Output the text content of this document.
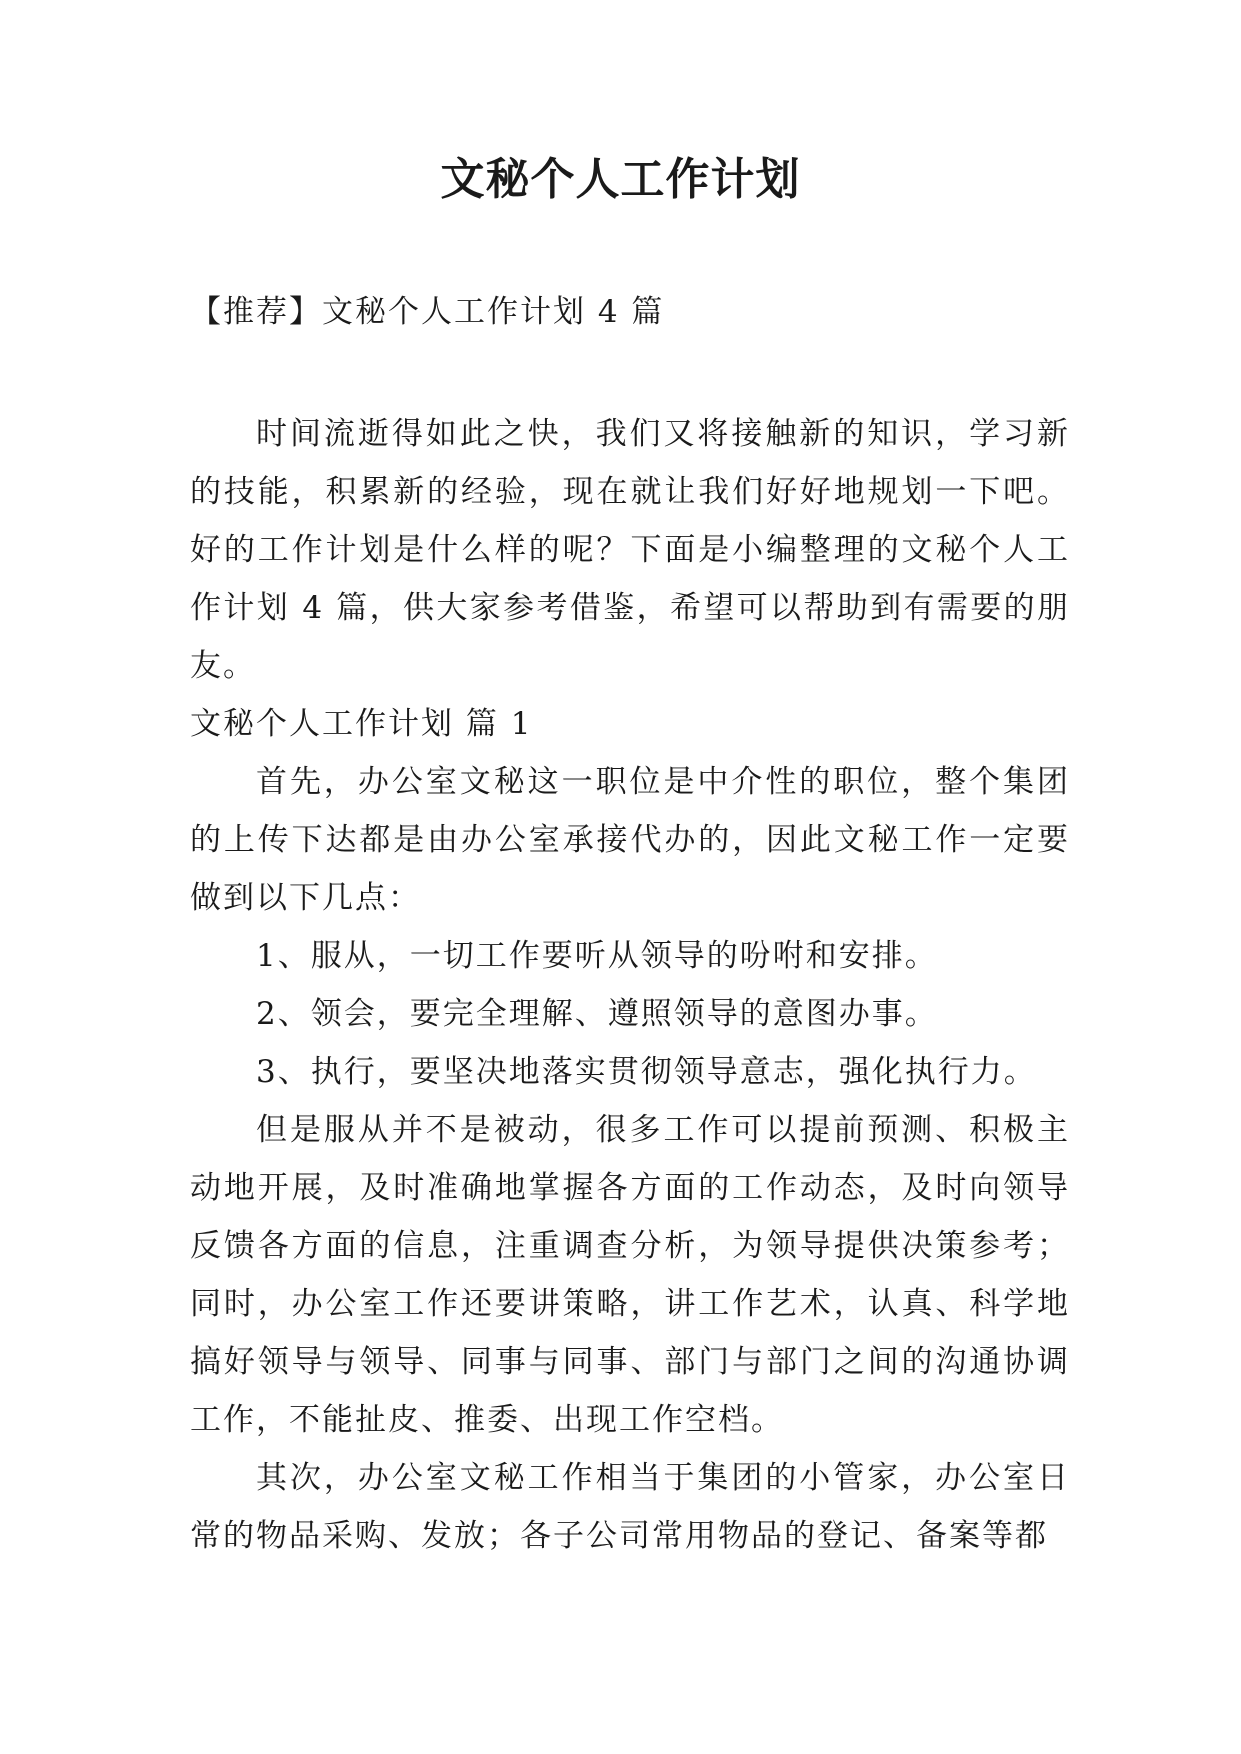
文秘个人工作计划
【推荐】文秘个人工作计划 4 篇

时间流逝得如此之快，我们又将接触新的知识，学习新的技能，积累新的经验，现在就让我们好好地规划一下吧。好的工作计划是什么样的呢？下面是小编整理的文秘个人工作计划 4 篇，供大家参考借鉴，希望可以帮助到有需要的朋友。

文秘个人工作计划 篇 1

首先，办公室文秘这一职位是中介性的职位，整个集团的上传下达都是由办公室承接代办的，因此文秘工作一定要做到以下几点：

1、服从，一切工作要听从领导的吩咐和安排。

2、领会，要完全理解、遵照领导的意图办事。

3、执行，要坚决地落实贯彻领导意志，强化执行力。

但是服从并不是被动，很多工作可以提前预测、积极主动地开展，及时准确地掌握各方面的工作动态，及时向领导反馈各方面的信息，注重调查分析，为领导提供决策参考；同时，办公室工作还要讲策略，讲工作艺术，认真、科学地搞好领导与领导、同事与同事、部门与部门之间的沟通协调工作，不能扯皮、推委、出现工作空档。

其次，办公室文秘工作相当于集团的小管家，办公室日常的物品采购、发放；各子公司常用物品的登记、备案等都
